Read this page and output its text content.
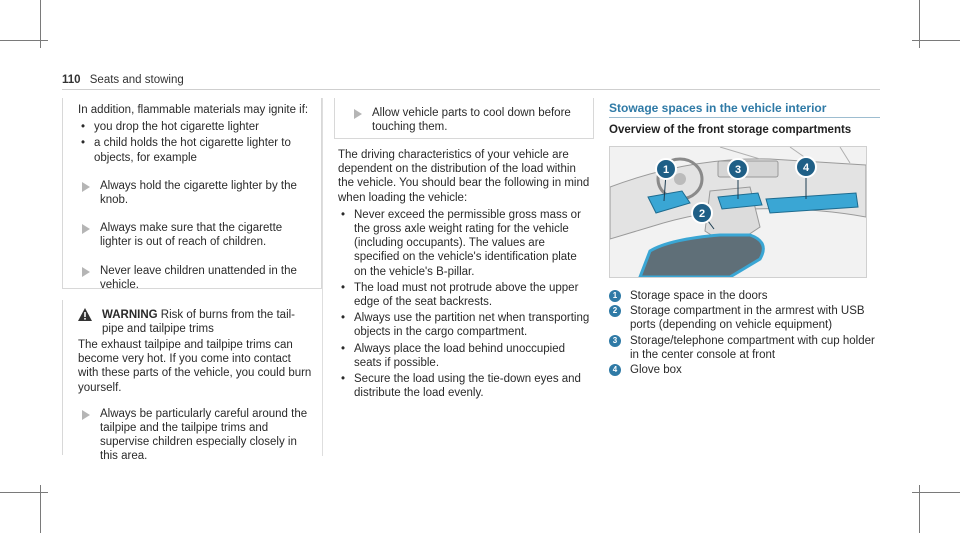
110 Seats and stowing

In addition, flammable materials may ignite if:

• you drop the hot cigarette lighter
• a child holds the hot cigarette lighter to objects, for example
Always hold the cigarette lighter by the knob.
Always make sure that the cigarette lighter is out of reach of children.
Never leave children unattended in the vehicle.
WARNING Risk of burns from the tail-pipe and tailpipe trims

The exhaust tailpipe and tailpipe trims can become very hot. If you come into contact with these parts of the vehicle, you could burn yourself.

Always be particularly careful around the tailpipe and the tailpipe trims and supervise children especially closely in this area.
Allow vehicle parts to cool down before touching them.

The driving characteristics of your vehicle are dependent on the distribution of the load within the vehicle. You should bear the following in mind when loading the vehicle:

• Never exceed the permissible gross mass or the gross axle weight rating for the vehicle (including occupants). The values are specified on the vehicle's identification plate on the vehicle's B-pillar.
• The load must not protrude above the upper edge of the seat backrests.
• Always use the partition net when transporting objects in the cargo compartment.
• Always place the load behind unoccupied seats if possible.
• Secure the load using the tie-down eyes and distribute the load evenly.
Stowage spaces in the vehicle interior
Overview of the front storage compartments
1
2
3	4
1	Storage space in the doors
2	Storage compartment in the armrest with USB ports (depending on vehicle equipment)
3	Storage/telephone compartment with cup holder in the center console at front
4	Glove box
